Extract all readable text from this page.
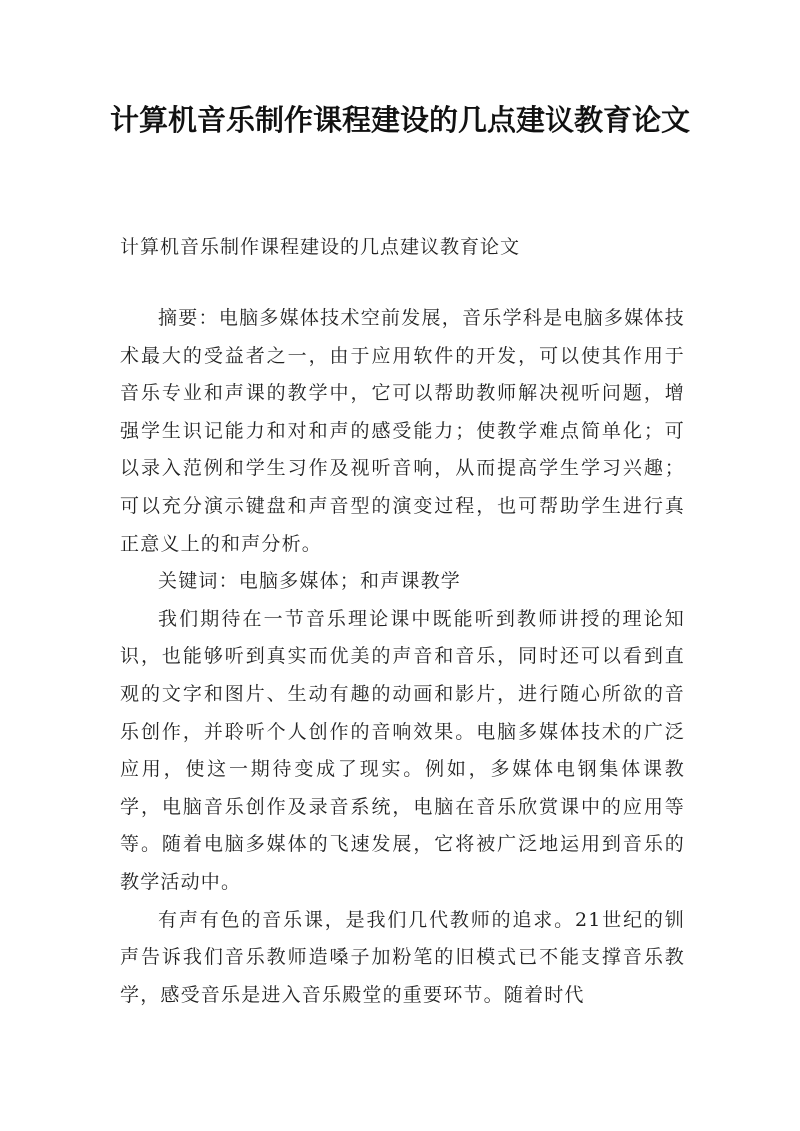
计算机音乐制作课程建设的几点建议教育论文

计算机音乐制作课程建设的几点建议教育论文

摘要：电脑多媒体技术空前发展，音乐学科是电脑多媒体技术最大的受益者之一，由于应用软件的开发，可以使其作用于音乐专业和声课的教学中，它可以帮助教师解决视听问题，增强学生识记能力和对和声的感受能力；使教学难点简单化；可以录入范例和学生习作及视听音响，从而提高学生学习兴趣；可以充分演示键盘和声音型的演变过程，也可帮助学生进行真正意义上的和声分析。

关键词：电脑多媒体；和声课教学

我们期待在一节音乐理论课中既能听到教师讲授的理论知识，也能够听到真实而优美的声音和音乐，同时还可以看到直观的文字和图片、生动有趣的动画和影片，进行随心所欲的音乐创作，并聆听个人创作的音响效果。电脑多媒体技术的广泛应用，使这一期待变成了现实。例如，多媒体电钢集体课教学，电脑音乐创作及录音系统，电脑在音乐欣赏课中的应用等等。随着电脑多媒体的飞速发展，它将被广泛地运用到音乐的教学活动中。

有声有色的音乐课，是我们几代教师的追求。21世纪的钏声告诉我们音乐教师造嗓子加粉笔的旧模式已不能支撑音乐教学，感受音乐是进入音乐殿堂的重要环节。随着时代
